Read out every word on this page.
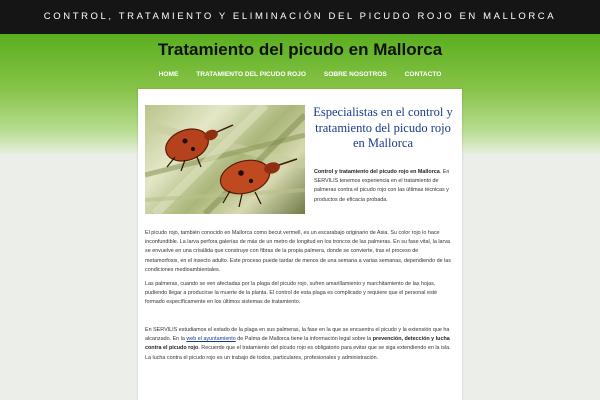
CONTROL, TRATAMIENTO Y ELIMINACIÓN DEL PICUDO ROJO EN MALLORCA
Tratamiento del picudo en Mallorca
HOME	TRATAMIENTO DEL PICUDO ROJO	SOBRE NOSOTROS	CONTACTO
Especialistas en el control y tratamiento del picudo rojo en Mallorca
Control y tratamiento del picudo rojo en Mallorca. En SERVILIS tenemos experiencia en el tratamiento de palmeras contra el picudo rojo con las últimas técnicas y productos de eficacia probada.
El picudo rojo, también conocido en Mallorca como becut vermell, es un escarabajo originario de Asia. Su color rojo lo hace inconfundible. La larva perfora galerías de más de un metro de longitud en los troncos de las palmeras. En su fase vital, la larva se envuelve en una crisálida que construye con fibras de la propia palmera, donde se convierte, tras el proceso de metamorfosis, en el insecto adulto. Este proceso puede tardar de menos de una semana a varias semanas, dependiendo de las condiciones medioambientales.
Las palmeras, cuando se ven afectadas por la plaga del picudo rojo, sufren amarillamiento y marchitamiento de las hojas, pudiendo llegar a producirse la muerte de la planta. El control de esta plaga es complicado y requiere que el personal esté formado específicamente en los últimos sistemas de tratamiento.
En SERVILIS estudiamos el estado de la plaga en sus palmeras, la fase en la que se encuentra el picudo y la extensión que ha alcanzado. En la web el ayuntamiento de Palma de Mallorca tiene la información legal sobre la prevención, detección y lucha contra el picudo rojo. Recuerde que el tratamiento del picudo rojo es obligatorio para evitar que se siga extendiendo en la isla. La lucha contra el picudo rojo es un trabajo de todos, particulares, profesionales y administración.
